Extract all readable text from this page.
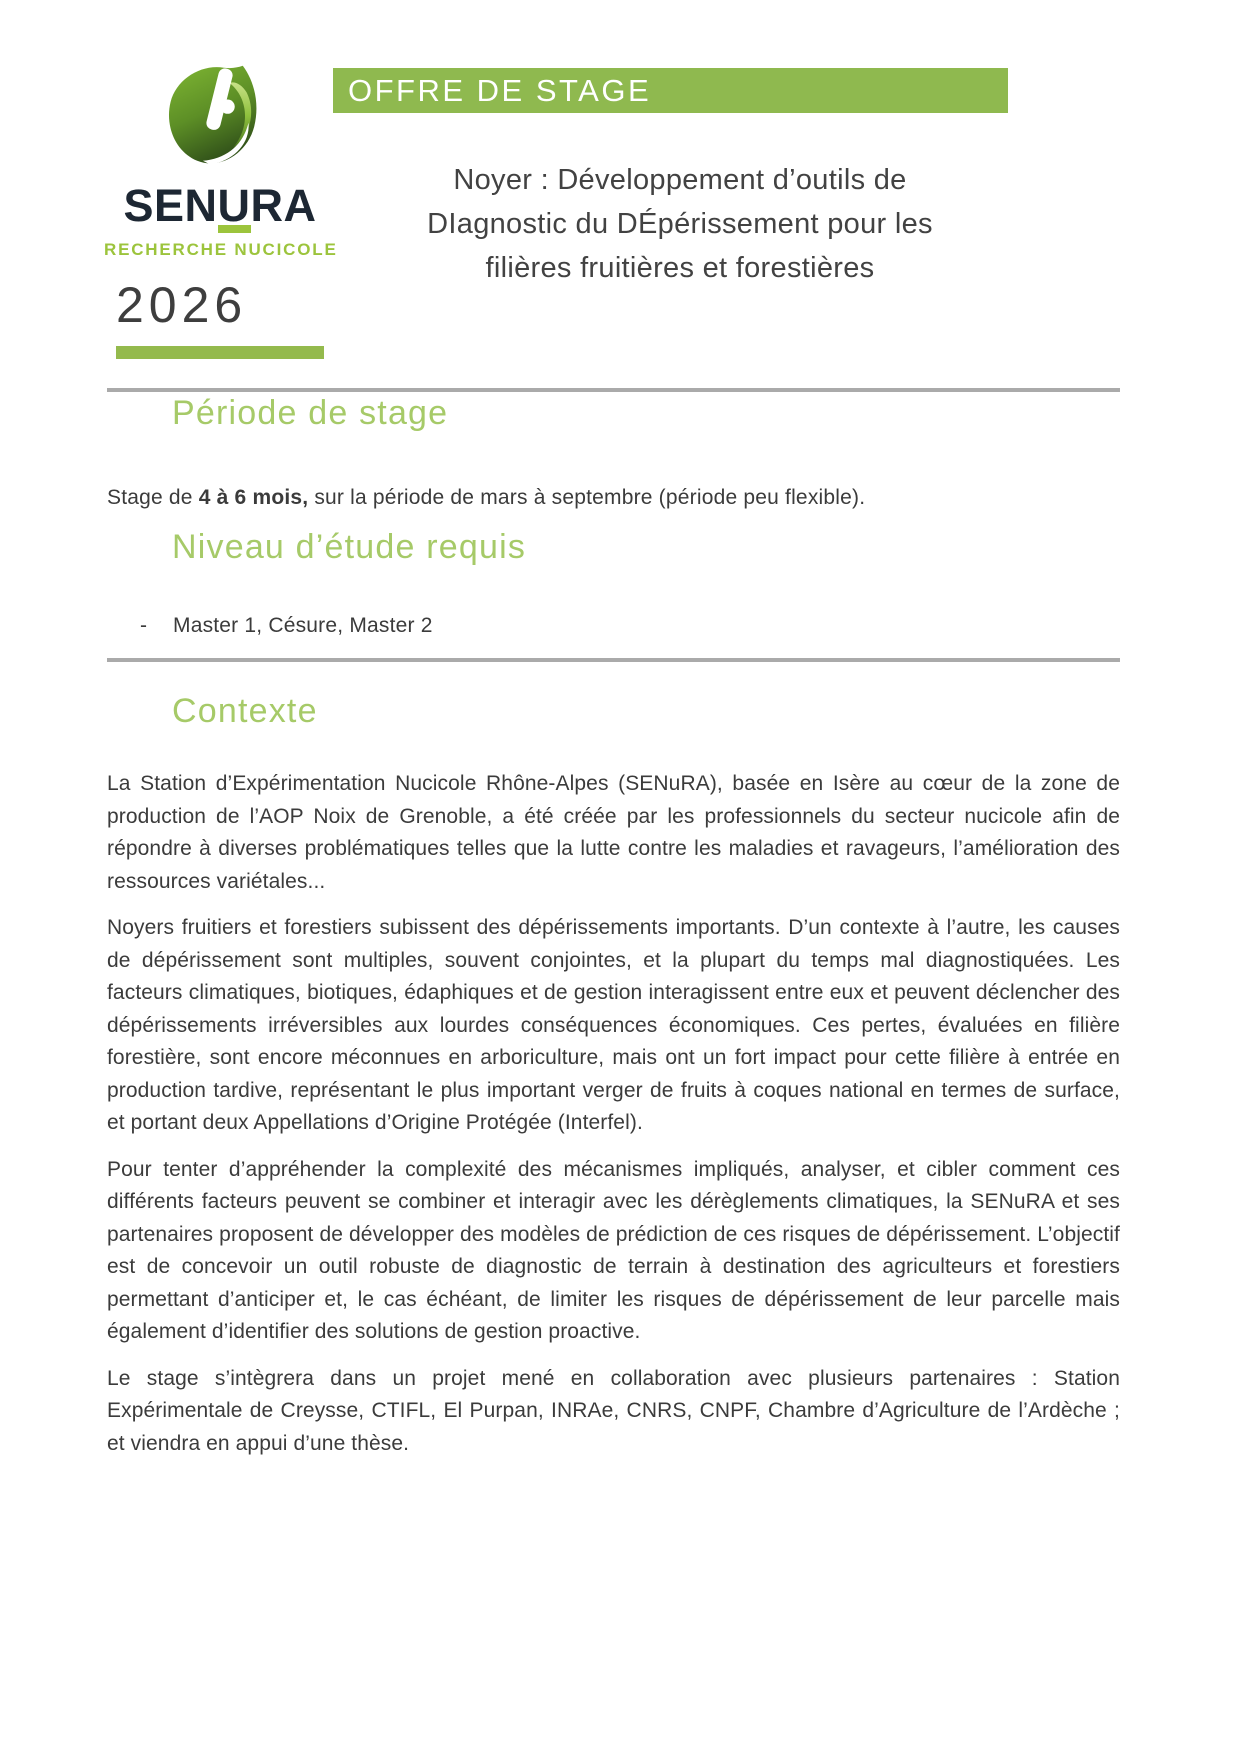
SENURA
RECHERCHE NUCICOLE
2026
OFFRE DE STAGE
Noyer : Développement d’outils de
DIagnostic du DÉpérissement pour les
filières fruitières et forestières
Période de stage
Stage de 4 à 6 mois, sur la période de mars à septembre (période peu flexible).
Niveau d’étude requis
- Master 1, Césure, Master 2
Contexte

La Station d’Expérimentation Nucicole Rhône-Alpes (SENuRA), basée en Isère au cœur de la zone de production de l’AOP Noix de Grenoble, a été créée par les professionnels du secteur nucicole afin de répondre à diverses problématiques telles que la lutte contre les maladies et ravageurs, l’amélioration des ressources variétales...

Noyers fruitiers et forestiers subissent des dépérissements importants. D’un contexte à l’autre, les causes de dépérissement sont multiples, souvent conjointes, et la plupart du temps mal diagnostiquées. Les facteurs climatiques, biotiques, édaphiques et de gestion interagissent entre eux et peuvent déclencher des dépérissements irréversibles aux lourdes conséquences économiques. Ces pertes, évaluées en filière forestière, sont encore méconnues en arboriculture, mais ont un fort impact pour cette filière à entrée en production tardive, représentant le plus important verger de fruits à coques national en termes de surface, et portant deux Appellations d’Origine Protégée (Interfel).

Pour tenter d’appréhender la complexité des mécanismes impliqués, analyser, et cibler comment ces différents facteurs peuvent se combiner et interagir avec les dérèglements climatiques, la SENuRA et ses partenaires proposent de développer des modèles de prédiction de ces risques de dépérissement. L’objectif est de concevoir un outil robuste de diagnostic de terrain à destination des agriculteurs et forestiers permettant d’anticiper et, le cas échéant, de limiter les risques de dépérissement de leur parcelle mais également d’identifier des solutions de gestion proactive.

Le stage s’intègrera dans un projet mené en collaboration avec plusieurs partenaires : Station Expérimentale de Creysse, CTIFL, El Purpan, INRAe, CNRS, CNPF, Chambre d’Agriculture de l’Ardèche ; et viendra en appui d’une thèse.
